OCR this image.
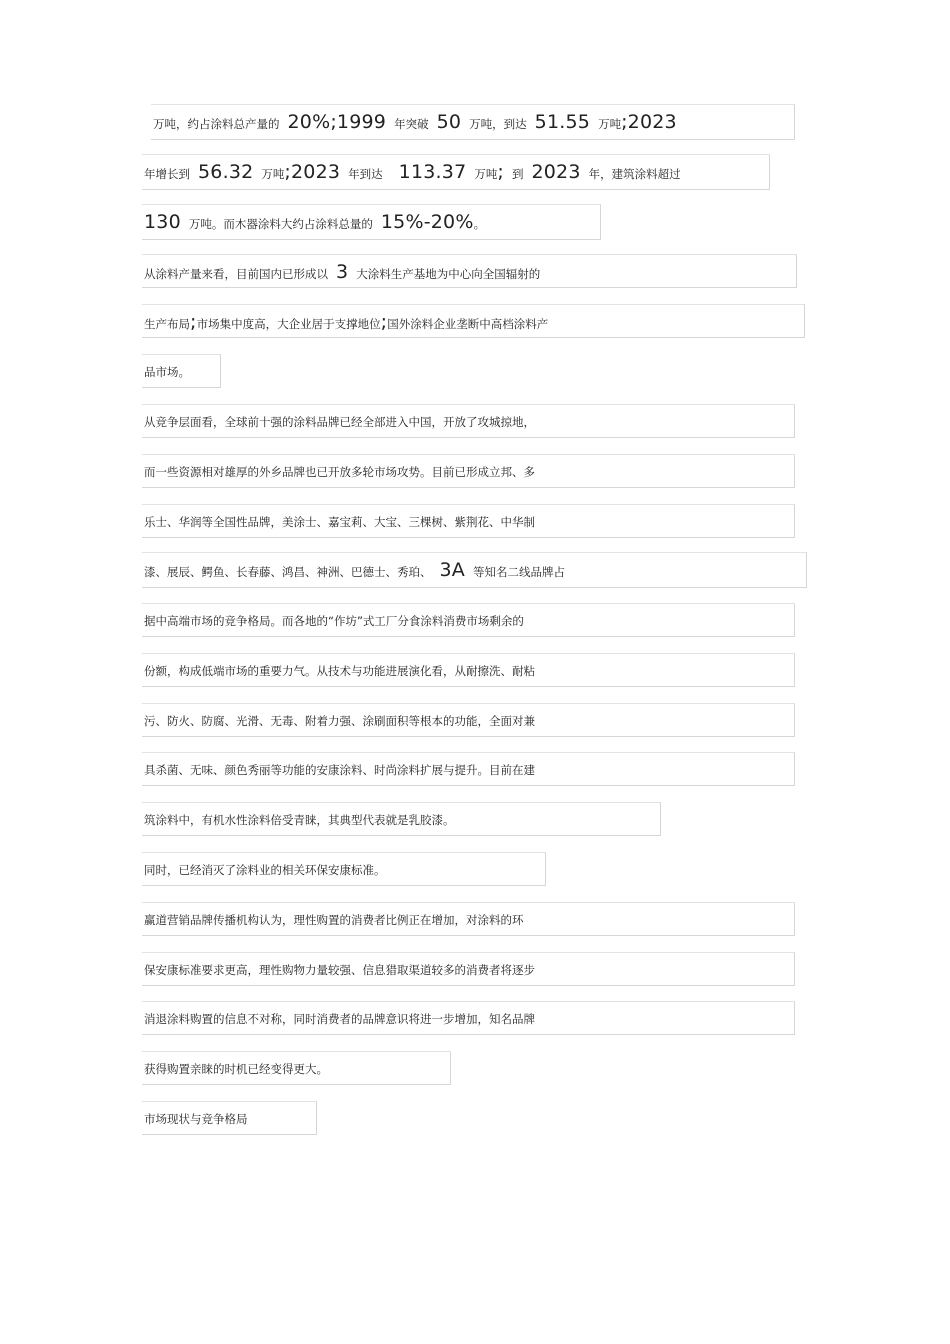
万吨，约占涂料总产量的 20%;1999 年突破 50 万吨，到达 51.55 万吨;2023
年增长到 56.32 万吨;2023 年到达 113.37 万吨; 到 2023 年，建筑涂料超过
130 万吨。而木器涂料大约占涂料总量的 15%-20%。
从涂料产量来看，目前国内已形成以 3 大涂料生产基地为中心向全国辐射的
生产布局;市场集中度高，大企业居于支撑地位;国外涂料企业垄断中高档涂料产
品市场。
从竞争层面看，全球前十强的涂料品牌已经全部进入中国，开放了攻城掠地，
而一些资源相对雄厚的外乡品牌也已开放多轮市场攻势。目前已形成立邦、多
乐士、华润等全国性品牌，美涂士、嘉宝莉、大宝、三棵树、紫荆花、中华制
漆、展辰、鳄鱼、长春藤、鸿昌、神洲、巴德士、秀珀、 3A 等知名二线品牌占
据中高端市场的竞争格局。而各地的“作坊”式工厂分食涂料消费市场剩余的
份额，构成低端市场的重要力气。从技术与功能进展演化看，从耐擦洗、耐粘
污、防火、防腐、光滑、无毒、附着力强、涂刷面积等根本的功能，全面对兼
具杀菌、无味、颜色秀丽等功能的安康涂料、时尚涂料扩展与提升。目前在建
筑涂料中，有机水性涂料倍受青睐，其典型代表就是乳胶漆。
同时，已经消灭了涂料业的相关环保安康标准。
赢道营销品牌传播机构认为，理性购置的消费者比例正在增加，对涂料的环
保安康标准要求更高，理性购物力量较强、信息猎取渠道较多的消费者将逐步
消退涂料购置的信息不对称，同时消费者的品牌意识将进一步增加，知名品牌
获得购置亲睐的时机已经变得更大。
市场现状与竞争格局
